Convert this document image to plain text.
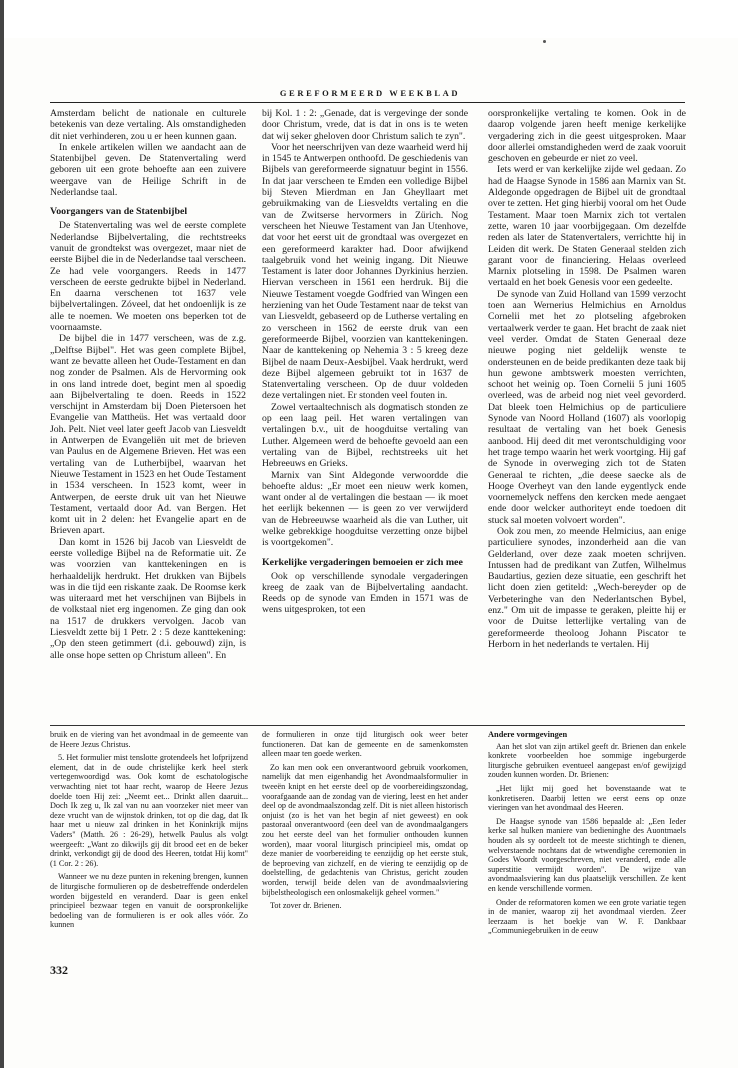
GEREFORMEERD WEEKBLAD

Amsterdam belicht de nationale en culturele betekenis van deze vertaling. Als omstandigheden dit niet verhinderen, zou u er heen kunnen gaan.

In enkele artikelen willen we aandacht aan de Statenbijbel geven. De Statenvertaling werd geboren uit een grote behoefte aan een zuivere weergave van de Heilige Schrift in de Nederlandse taal.

Voorgangers van de Statenbijbel

De Statenvertaling was wel de eerste complete Nederlandse Bijbelvertaling, die rechtstreeks vanuit de grondtekst was overgezet, maar niet de eerste Bijbel die in de Nederlandse taal verscheen. Ze had vele voorgangers. Reeds in 1477 verscheen de eerste gedrukte bijbel in Nederland. En daarna verschenen tot 1637 vele bijbelvertalingen. Zóveel, dat het ondoenlijk is ze alle te noemen. We moeten ons beperken tot de voornaamste.

De bijbel die in 1477 verscheen, was de z.g. „Delftse Bijbel". Het was geen complete Bijbel, want ze bevatte alleen het Oude-Testament en dan nog zonder de Psalmen. Als de Hervorming ook in ons land intrede doet, begint men al spoedig aan Bijbelvertaling te doen. Reeds in 1522 verschijnt in Amsterdam bij Doen Pietersoen het Evangelie van Mattheüs. Het was vertaald door Joh. Pelt. Niet veel later geeft Jacob van Liesveldt in Antwerpen de Evangeliën uit met de brieven van Paulus en de Algemene Brieven. Het was een vertaling van de Lutherbijbel, waarvan het Nieuwe Testament in 1523 en het Oude Testament in 1534 verscheen. In 1523 komt, weer in Antwerpen, de eerste druk uit van het Nieuwe Testament, vertaald door Ad. van Bergen. Het komt uit in 2 delen: het Evangelie apart en de Brieven apart.

Dan komt in 1526 bij Jacob van Liesveldt de eerste volledige Bijbel na de Reformatie uit. Ze was voorzien van kanttekeningen en is herhaaldelijk herdrukt. Het drukken van Bijbels was in die tijd een riskante zaak. De Roomse kerk was uiteraard met het verschijnen van Bijbels in de volkstaal niet erg ingenomen. Ze ging dan ook na 1517 de drukkers vervolgen. Jacob van Liesveldt zette bij 1 Petr. 2 : 5 deze kanttekening: „Op den steen getimmert (d.i. gebouwd) zijn, is alle onse hope setten op Christum alleen". En

bij Kol. 1 : 2: „Genade, dat is vergevinge der sonde door Christum, vrede, dat is dat in ons is te weten dat wij seker gheloven door Christum salich te zyn".

Voor het neerschrijven van deze waarheid werd hij in 1545 te Antwerpen onthoofd. De geschiedenis van Bijbels van gereformeerde signatuur begint in 1556. In dat jaar verscheen te Emden een volledige Bijbel bij Steven Mierdman en Jan Gheyllaart met gebruikmaking van de Liesveldts vertaling en die van de Zwitserse hervormers in Zürich. Nog verscheen het Nieuwe Testament van Jan Utenhove, dat voor het eerst uit de grondtaal was overgezet en een gereformeerd karakter had. Door afwijkend taalgebruik vond het weinig ingang. Dit Nieuwe Testament is later door Johannes Dyrkinius herzien. Hiervan verscheen in 1561 een herdruk. Bij die Nieuwe Testament voegde Godfried van Wingen een herziening van het Oude Testament naar de tekst van van Liesveldt, gebaseerd op de Lutherse vertaling en zo verscheen in 1562 de eerste druk van een gereformeerde Bijbel, voorzien van kanttekeningen. Naar de kanttekening op Nehemia 3 : 5 kreeg deze Bijbel de naam Deux-Aesbijbel. Vaak herdrukt, werd deze Bijbel algemeen gebruikt tot in 1637 de Statenvertaling verscheen. Op de duur voldeden deze vertalingen niet. Er stonden veel fouten in.

Zowel vertaaltechnisch als dogmatisch stonden ze op een laag peil. Het waren vertalingen van vertalingen b.v., uit de hoogduitse vertaling van Luther. Algemeen werd de behoefte gevoeld aan een vertaling van de Bijbel, rechtstreeks uit het Hebreeuws en Grieks.

Marnix van Sint Aldegonde verwoordde die behoefte aldus: „Er moet een nieuw werk komen, want onder al de vertalingen die bestaan — ik moet het eerlijk bekennen — is geen zo ver verwijderd van de Hebreeuwse waarheid als die van Luther, uit welke gebrekkige hoogduitse verzetting onze bijbel is voortgekomen".

Kerkelijke vergaderingen bemoeien er zich mee

Ook op verschillende synodale vergaderingen kreeg de zaak van de Bijbelvertaling aandacht. Reeds op de synode van Emden in 1571 was de wens uitgesproken, tot een

oorspronkelijke vertaling te komen. Ook in de daarop volgende jaren heeft menige kerkelijke vergadering zich in die geest uitgesproken. Maar door allerlei omstandigheden werd de zaak vooruit geschoven en gebeurde er niet zo veel.

Iets werd er van kerkelijke zijde wel gedaan. Zo had de Haagse Synode in 1586 aan Marnix van St. Aldegonde opgedragen de Bijbel uit de grondtaal over te zetten. Het ging hierbij vooral om het Oude Testament. Maar toen Marnix zich tot vertalen zette, waren 10 jaar voorbijgegaan. Om dezelfde reden als later de Statenvertalers, verrichtte hij in Leiden dit werk. De Staten Generaal stelden zich garant voor de financiering. Helaas overleed Marnix plotseling in 1598. De Psalmen waren vertaald en het boek Genesis voor een gedeelte.

De synode van Zuid Holland van 1599 verzocht toen aan Wernerius Helmichius en Arnoldus Cornelii met het zo plotseling afgebroken vertaalwerk verder te gaan. Het bracht de zaak niet veel verder. Omdat de Staten Generaal deze nieuwe poging niet geldelijk wenste te ondersteunen en de beide predikanten deze taak bij hun gewone ambtswerk moesten verrichten, schoot het weinig op. Toen Cornelii 5 juni 1605 overleed, was de arbeid nog niet veel gevorderd. Dat bleek toen Helmichius op de particuliere Synode van Noord Holland (1607) als voorlopig resultaat de vertaling van het boek Genesis aanbood. Hij deed dit met verontschuldiging voor het trage tempo waarin het werk voortging. Hij gaf de Synode in overweging zich tot de Staten Generaal te richten, „die deese saecke als de Hooge Overheyt van den lande eygentlyck ende voornemelyck neffens den kercken mede aengaet ende door welcker authoriteyt ende toedoen dit stuck sal moeten volvoert worden".

Ook zou men, zo meende Helmicius, aan enige particuliere synodes, inzonderheid aan die van Gelderland, over deze zaak moeten schrijven. Intussen had de predikant van Zutfen, Wilhelmus Baudartius, gezien deze situatie, een geschrift het licht doen zien getiteld: „Wech-bereyder op de Verbeteringhe van den Nederlantschen Bybel, enz." Om uit de impasse te geraken, pleitte hij er voor de Duitse letterlijke vertaling van de gereformeerde theoloog Johann Piscator te Herborn in het nederlands te vertalen. Hij

bruik en de viering van het avondmaal in de gemeente van de Heere Jezus Christus.

5. Het formulier mist tenslotte grotendeels het lofprijzend element, dat in de oude christelijke kerk heel sterk vertegenwoordigd was. Ook komt de eschatologische verwachting niet tot haar recht, waarop de Heere Jezus doelde toen Hij zei: „Neemt eet... Drinkt allen daaruit... Doch Ik zeg u, Ik zal van nu aan voorzeker niet meer van deze vrucht van de wijnstok drinken, tot op die dag, dat Ik haar met u nieuw zal drinken in het Koninkrijk mijns Vaders" (Matth. 26 : 26-29), hetwelk Paulus als volgt weergeeft: „Want zo dikwijls gij dit brood eet en de beker drinkt, verkondigt gij de dood des Heeren, totdat Hij komt" (1 Cor. 2 : 26).

Wanneer we nu deze punten in rekening brengen, kunnen de liturgische formulieren op de desbetreffende onderdelen worden bijgesteld en veranderd. Daar is geen enkel principieel bezwaar tegen en vanuit de oorspronkelijke bedoeling van de formulieren is er ook alles vóór. Zo kunnen

de formulieren in onze tijd liturgisch ook weer beter functioneren. Dat kan de gemeente en de samenkomsten alleen maar ten goede werken.

Zo kan men ook een onverantwoord gebruik voorkomen, namelijk dat men eigenhandig het Avondmaalsformulier in tweeën knipt en het eerste deel op de voorbereidingszondag, voorafgaande aan de zondag van de viering, leest en het ander deel op de avondmaalszondag zelf. Dit is niet alleen historisch onjuist (zo is het van het begin af niet geweest) en ook pastoraal onverantwoord (een deel van de avondmaalgangers zou het eerste deel van het formulier onthouden kunnen worden), maar vooral liturgisch principieel mis, omdat op deze manier de voorbereiding te eenzijdig op het eerste stuk, de beproeving van zichzelf, en de viering te eenzijdig op de doelstelling, de gedachtenis van Christus, gericht zouden worden, terwijl beide delen van de avondmaalsviering bijbelstheologisch een onlosmakelijk geheel vormen."

Tot zover dr. Brienen.

Andere vormgevingen

Aan het slot van zijn artikel geeft dr. Brienen dan enkele konkrete voorbeelden hoe sommige ingeburgerde liturgische gebruiken eventueel aangepast en/of gewijzigd zouden kunnen worden. Dr. Brienen:

„Het lijkt mij goed het bovenstaande wat te konkretiseren. Daarbij letten we eerst eens op onze vieringen van het avondmaal des Heeren.

De Haagse synode van 1586 bepaalde al: „Een Ieder kerke sal hulken maniere van bedieninghe des Auontmaels houden als sy oordeelt tot de meeste stichtingh te dienen, welverstaende nochtans dat de wtwendighe ceremonien in Godes Woordt voorgeschreven, niet veranderd, ende alle superstitie vermijdt worden". De wijze van avondmaalsviering kan dus plaatselijk verschillen. Ze kent en kende verschillende vormen.

Onder de reformatoren komen we een grote variatie tegen in de manier, waarop zij het avondmaal vierden. Zeer leerzaam is het boekje van W. F. Dankbaar „Communiegebruiken in de eeuw

332
